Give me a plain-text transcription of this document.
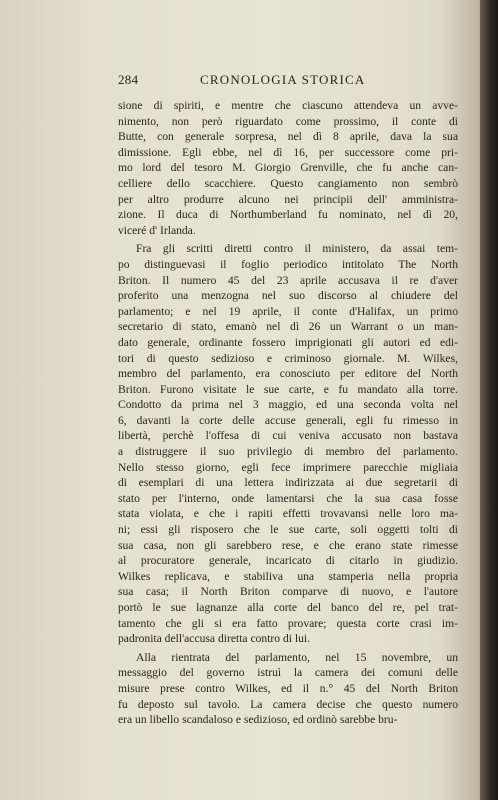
284	CRONOLOGIA STORICA

sione di spiriti, e mentre che ciascuno attendeva un avve-
nimento, non però riguardato come prossimo, il conte di
Butte, con generale sorpresa, nel dì 8 aprile, dava la sua
dimissione. Egli ebbe, nel dì 16, per successore come pri-
mo lord del tesoro M. Giorgio Grenville, che fu anche can-
celliere dello scacchiere. Questo cangiamento non sembrò
per altro produrre alcuno nei principii dell' amministra-
zione. Il duca di Northumberland fu nominato, nel dì 20,
viceré d' Irlanda.

Fra gli scritti diretti contro il ministero, da assai tem-
po distinguevasi il foglio periodico intitolato The North
Briton. Il numero 45 del 23 aprile accusava il re d'aver
proferito una menzogna nel suo discorso al chiudere del
parlamento; e nel 19 aprile, il conte d'Halifax, un primo
secretario di stato, emanò nel dì 26 un Warrant o un man-
dato generale, ordinante fossero imprigionati gli autori ed edi-
tori di questo sedizioso e criminoso giornale. M. Wilkes,
membro del parlamento, era conosciuto per editore del North
Briton. Furono visitate le sue carte, e fu mandato alla torre.
Condotto da prima nel 3 maggio, ed una seconda volta nel
6, davanti la corte delle accuse generali, egli fu rimesso in
libertà, perchè l'offesa di cui veniva accusato non bastava
a distruggere il suo privilegio di membro del parlamento.
Nello stesso giorno, egli fece imprimere parecchie migliaia
di esemplari di una lettera indirizzata ai due segretarii di
stato per l'interno, onde lamentarsi che la sua casa fosse
stata violata, e che i rapiti effetti trovavansi nelle loro ma-
ni; essi gli risposero che le sue carte, soli oggetti tolti di
sua casa, non gli sarebbero rese, e che erano state rimesse
al procuratore generale, incaricato di citarlo in giudizio.
Wilkes replicava, e stabiliva una stamperia nella propria
sua casa; il North Briton comparve di nuovo, e l'autore
portò le sue lagnanze alla corte del banco del re, pel trat-
tamento che gli si era fatto provare; questa corte crasi im-
padronita dell'accusa diretta contro di lui.

Alla rientrata del parlamento, nel 15 novembre, un
messaggio del governo istruì la camera dei comuni delle
misure prese contro Wilkes, ed il n.° 45 del North Briton
fu deposto sul tavolo. La camera decise che questo numero
era un libello scandaloso e sedizioso, ed ordinò sarebbe bru-
